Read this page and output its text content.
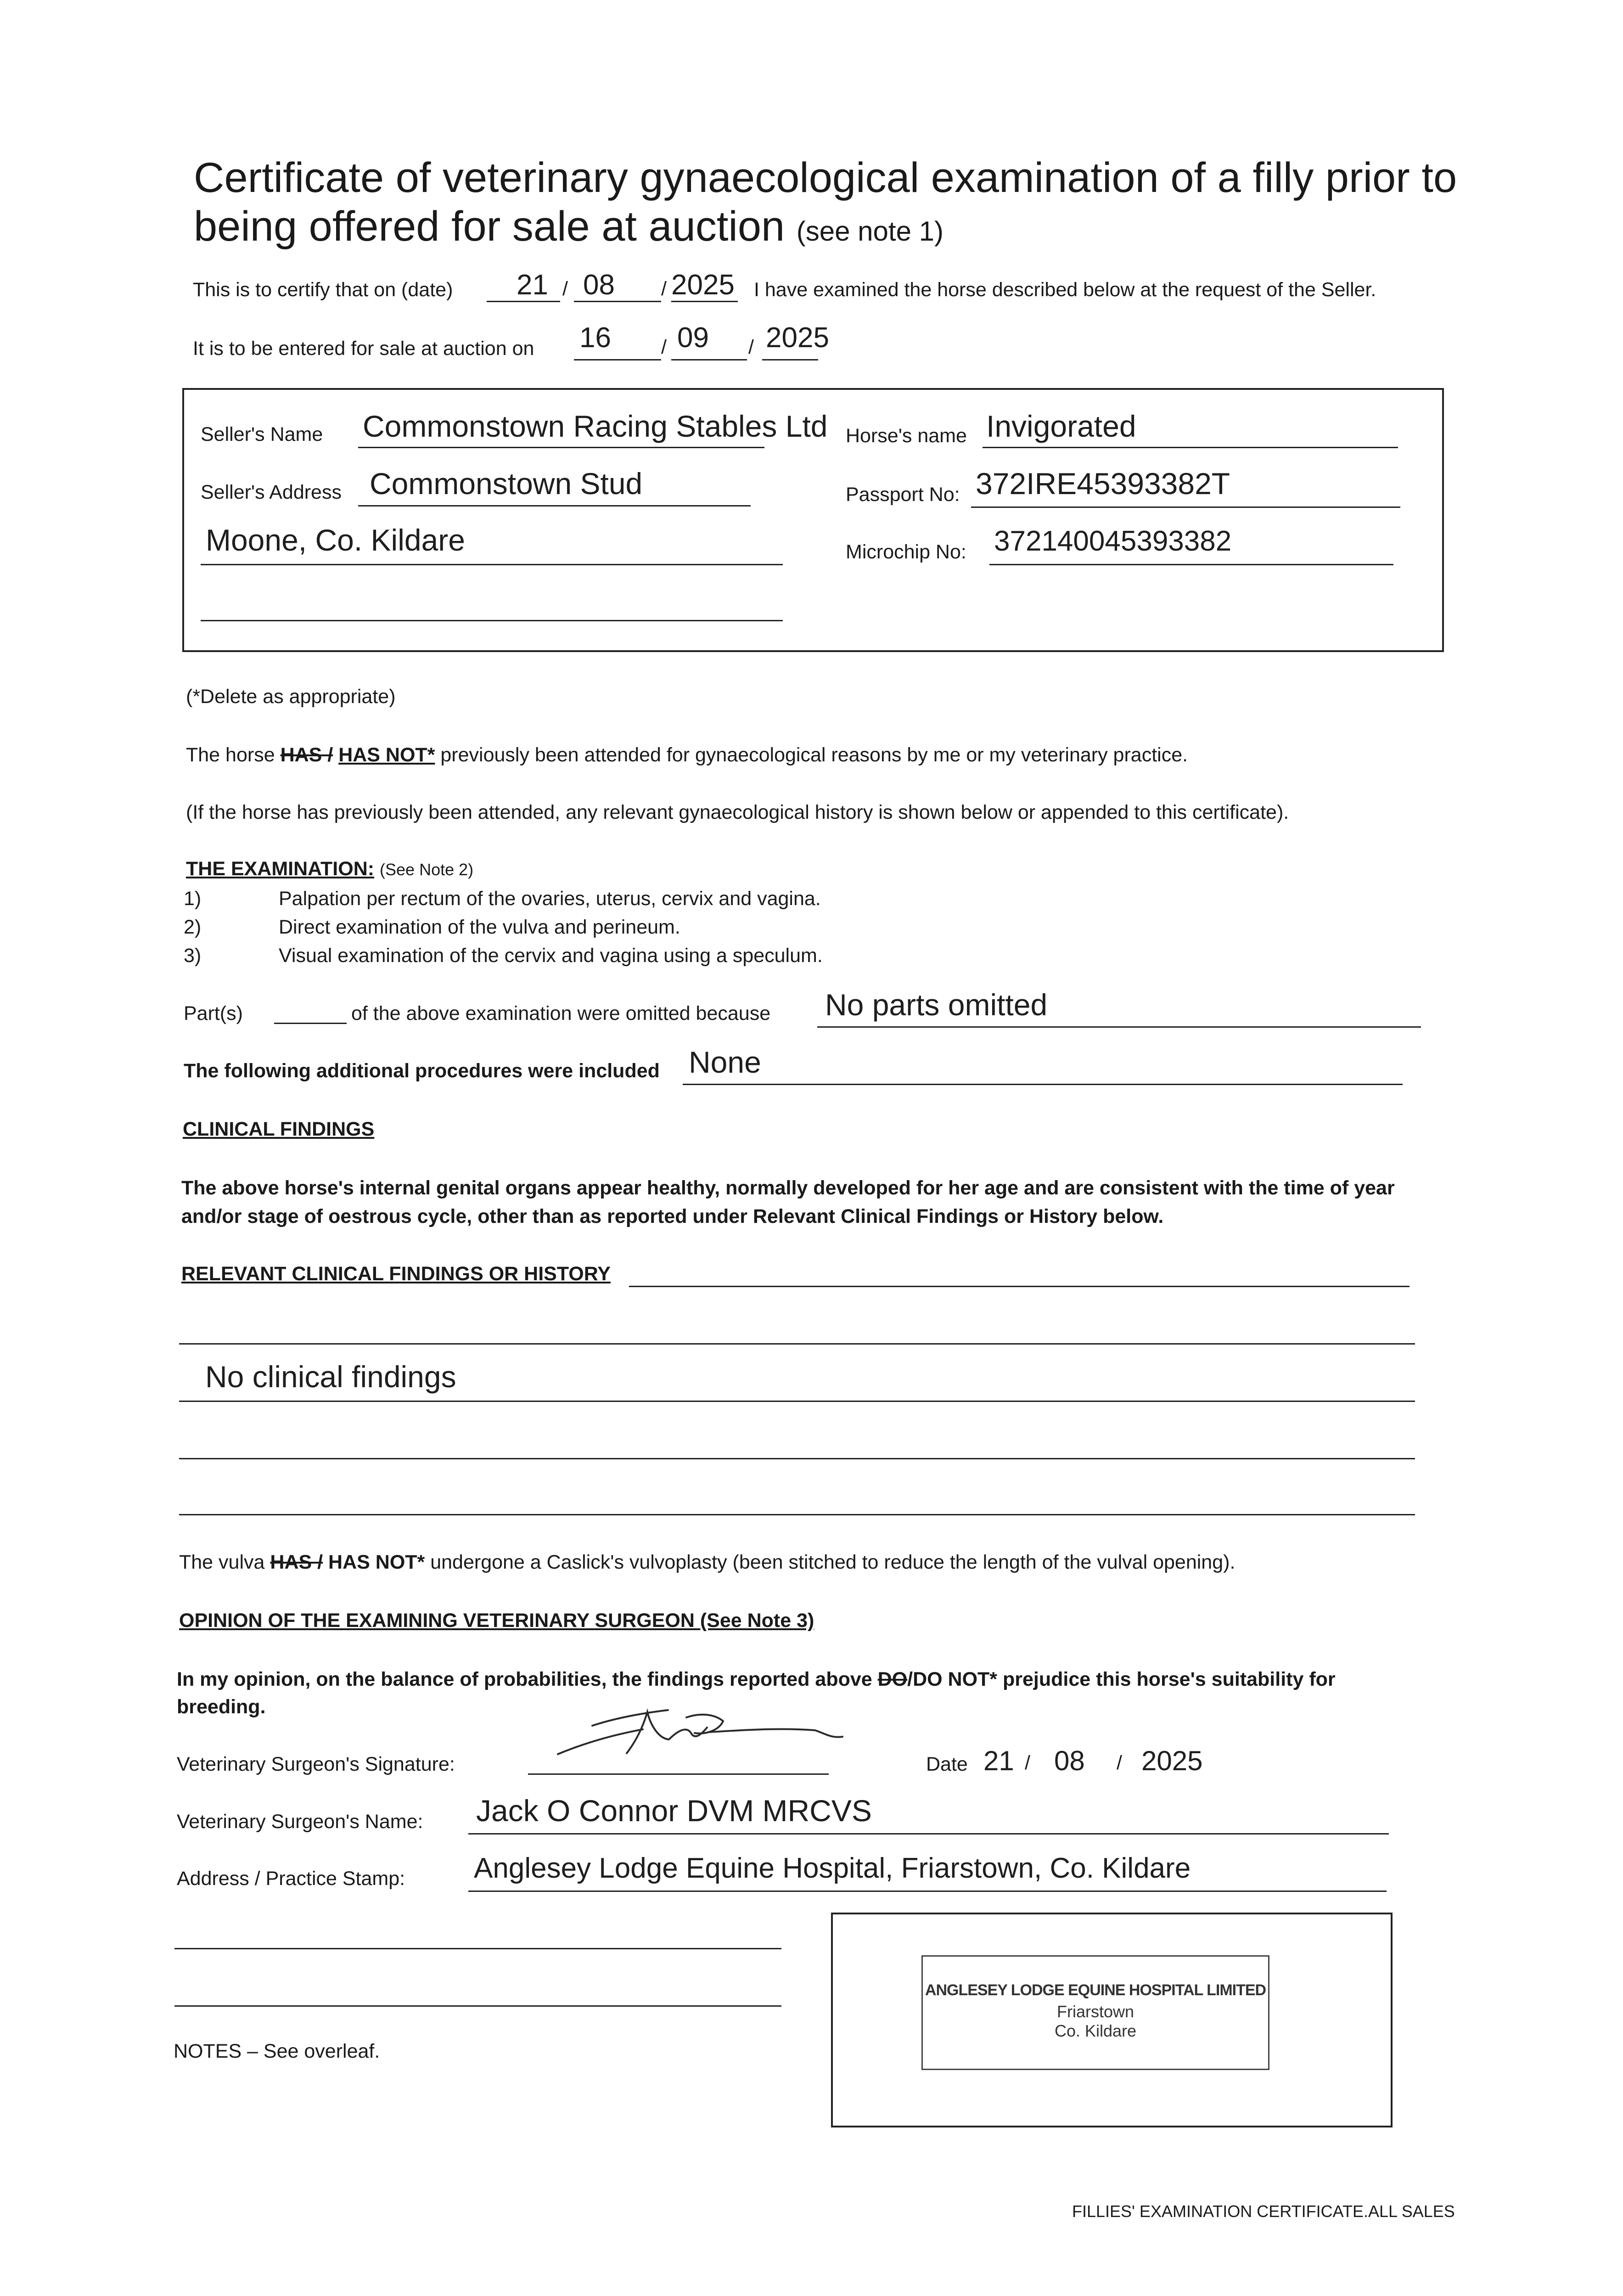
Certificate of veterinary gynaecological examination of a filly prior to
being offered for sale at auction (see note 1)
This is to certify that on (date) 21 / 08 / 2025 I have examined the horse described below at the request of the Seller.
It is to be entered for sale at auction on 16	/ 09 / 2025
Seller's Name Commonstown Racing Stables Ltd
Seller's Address Commonstown Stud
Moone, Co. Kildare
Horse's name Invigorated
Passport No: 372IRE45393382T
Microchip No: 372140045393382
(*Delete as appropriate)
The horse HAS / HAS NOT* previously been attended for gynaecological reasons by me or my veterinary practice.
(If the horse has previously been attended, any relevant gynaecological history is shown below or appended to this certificate).
THE EXAMINATION: (See Note 2)
1)	Palpation per rectum of the ovaries, uterus, cervix and vagina.
2)	Direct examination of the vulva and perineum.
3)	Visual examination of the cervix and vagina using a speculum.
Part(s)	of the above examination were omitted because No parts omitted
The following additional procedures were included None
CLINICAL FINDINGS
The above horse's internal genital organs appear healthy, normally developed for her age and are consistent with the time of year
and/or stage of oestrous cycle, other than as reported under Relevant Clinical Findings or History below.
RELEVANT CLINICAL FINDINGS OR HISTORY
No clinical findings
The vulva HAS / HAS NOT* undergone a Caslick's vulvoplasty (been stitched to reduce the length of the vulval opening).
OPINION OF THE EXAMINING VETERINARY SURGEON (See Note 3)
In my opinion, on the balance of probabilities, the findings reported above DO/DO NOT* prejudice this horse's suitability for
breeding.
Veterinary Surgeon's Signature:	Date 21 / 08 / 2025
Veterinary Surgeon's Name: Jack O Connor DVM MRCVS
Address / Practice Stamp: Anglesey Lodge Equine Hospital, Friarstown, Co. Kildare
ANGLESEY LODGE EQUINE HOSPITAL LIMITED
Friarstown
Co. Kildare
NOTES – See overleaf.
FILLIES' EXAMINATION CERTIFICATE.ALL SALES
